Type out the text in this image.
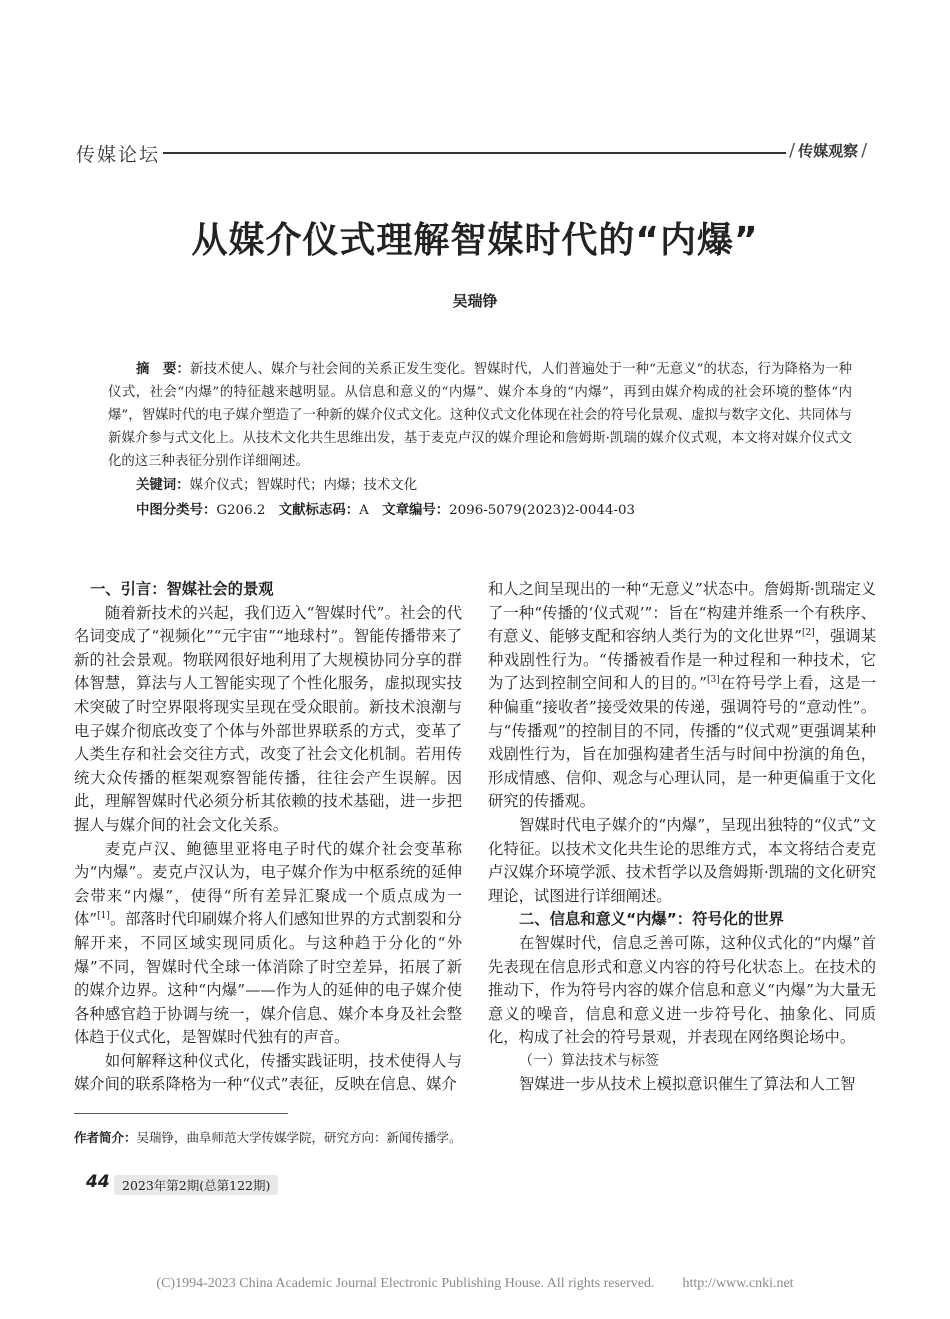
传媒论坛	/ 传媒观察 /
从媒介仪式理解智媒时代的“内爆”
吴瑞铮
摘　要：新技术使人、媒介与社会间的关系正发生变化。智媒时代，人们普遍处于一种“无意义”的状态，行为降格为一种仪式，社会“内爆”的特征越来越明显。从信息和意义的“内爆”、媒介本身的“内爆”，再到由媒介构成的社会环境的整体“内爆”，智媒时代的电子媒介塑造了一种新的媒介仪式文化。这种仪式文化体现在社会的符号化景观、虚拟与数字文化、共同体与新媒介参与式文化上。从技术文化共生思维出发，基于麦克卢汉的媒介理论和詹姆斯·凯瑞的媒介仪式观，本文将对媒介仪式文化的这三种表征分别作详细阐述。
关键词：媒介仪式；智媒时代；内爆；技术文化
中图分类号：G206.2　 文献标志码：A　 文章编号：2096-5079(2023)2-0044-03
一、引言：智媒社会的景观

随着新技术的兴起，我们迈入“智媒时代”。社会的代名词变成了“视频化”“元宇宙”“地球村”。智能传播带来了新的社会景观。物联网很好地利用了大规模协同分享的群体智慧，算法与人工智能实现了个性化服务，虚拟现实技术突破了时空界限将现实呈现在受众眼前。新技术浪潮与电子媒介彻底改变了个体与外部世界联系的方式，变革了人类生存和社会交往方式，改变了社会文化机制。若用传统大众传播的框架观察智能传播，往往会产生误解。因此，理解智媒时代必须分析其依赖的技术基础，进一步把握人与媒介间的社会文化关系。

麦克卢汉、鲍德里亚将电子时代的媒介社会变革称为“内爆”。麦克卢汉认为，电子媒介作为中枢系统的延伸会带来“内爆”，使得“所有差异汇聚成一个质点成为一体”[1]。部落时代印刷媒介将人们感知世界的方式割裂和分解开来，不同区域实现同质化。与这种趋于分化的“外爆”不同，智媒时代全球一体消除了时空差异，拓展了新的媒介边界。这种“内爆”——作为人的延伸的电子媒介使各种感官趋于协调与统一，媒介信息、媒介本身及社会整体趋于仪式化，是智媒时代独有的声音。

如何解释这种仪式化，传播实践证明，技术使得人与媒介间的联系降格为一种“仪式”表征，反映在信息、媒介

和人之间呈现出的一种“无意义”状态中。詹姆斯·凯瑞定义了一种“传播的‘仪式观’”：旨在“构建并维系一个有秩序、有意义、能够支配和容纳人类行为的文化世界”[2]，强调某种戏剧性行为。“传播被看作是一种过程和一种技术，它为了达到控制空间和人的目的。”[3]在符号学上看，这是一种偏重“接收者”接受效果的传递，强调符号的“意动性”。与“传播观”的控制目的不同，传播的“仪式观”更强调某种戏剧性行为，旨在加强构建者生活与时间中扮演的角色，形成情感、信仰、观念与心理认同，是一种更偏重于文化研究的传播观。

智媒时代电子媒介的“内爆”，呈现出独特的“仪式”文化特征。以技术文化共生论的思维方式，本文将结合麦克卢汉媒介环境学派、技术哲学以及詹姆斯·凯瑞的文化研究理论，试图进行详细阐述。

二、信息和意义“内爆”：符号化的世界

在智媒时代，信息乏善可陈，这种仪式化的“内爆”首先表现在信息形式和意义内容的符号化状态上。在技术的推动下，作为符号内容的媒介信息和意义“内爆”为大量无意义的噪音，信息和意义进一步符号化、抽象化、同质化，构成了社会的符号景观，并表现在网络舆论场中。

（一）算法技术与标签

智媒进一步从技术上模拟意识催生了算法和人工智

作者简介：吴瑞铮，曲阜师范大学传媒学院，研究方向：新闻传播学。
44 2023年第2期(总第122期)
(C)1994-2023 China Academic Journal Electronic Publishing House. All rights reserved.　　http://www.cnki.net
